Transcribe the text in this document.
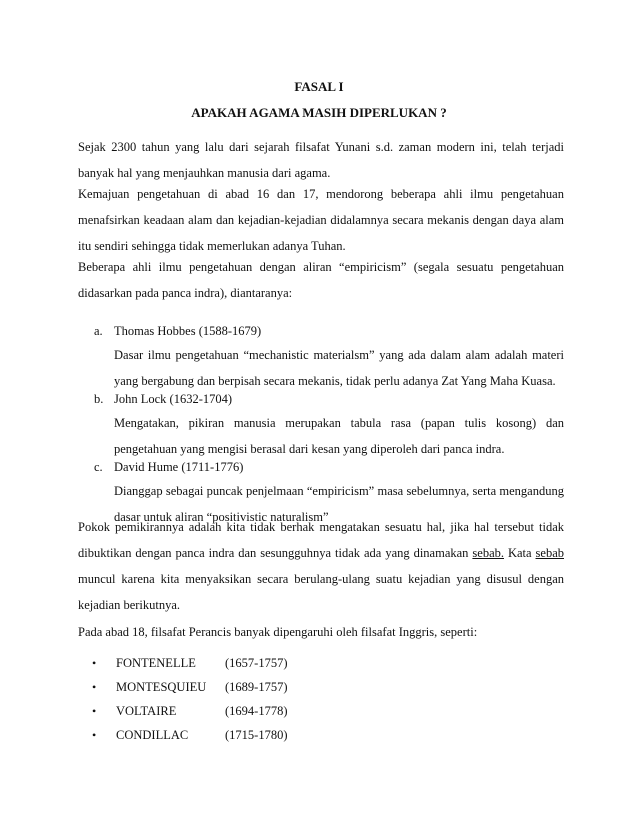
FASAL I
APAKAH AGAMA MASIH DIPERLUKAN ?
Sejak 2300 tahun yang lalu dari sejarah filsafat Yunani s.d. zaman modern ini, telah terjadi banyak hal yang menjauhkan manusia dari agama.
Kemajuan pengetahuan di abad 16 dan 17, mendorong beberapa ahli ilmu pengetahuan menafsirkan keadaan alam dan kejadian-kejadian didalamnya secara mekanis dengan daya alam itu sendiri sehingga tidak memerlukan adanya Tuhan.
Beberapa ahli ilmu pengetahuan dengan aliran “empiricism” (segala sesuatu pengetahuan didasarkan pada panca indra), diantaranya:
a. Thomas Hobbes (1588-1679)
Dasar ilmu pengetahuan “mechanistic materialsm” yang ada dalam alam adalah materi yang bergabung dan berpisah secara mekanis, tidak perlu adanya Zat Yang Maha Kuasa.
b. John Lock (1632-1704)
Mengatakan, pikiran manusia merupakan tabula rasa (papan tulis kosong) dan pengetahuan yang mengisi berasal dari kesan yang diperoleh dari panca indra.
c. David Hume (1711-1776)
Dianggap sebagai puncak penjelmaan “empiricism” masa sebelumnya, serta mengandung dasar untuk aliran “positivistic naturalism”
Pokok pemikirannya adalah kita tidak berhak mengatakan sesuatu hal, jika hal tersebut tidak dibuktikan dengan panca indra dan sesungguhnya tidak ada yang dinamakan sebab. Kata sebab muncul karena kita menyaksikan secara berulang-ulang suatu kejadian yang disusul dengan kejadian berikutnya.
Pada abad 18, filsafat Perancis banyak dipengaruhi oleh filsafat Inggris, seperti:
• FONTENELLE (1657-1757)
• MONTESQUIEU (1689-1757)
• VOLTAIRE	(1694-1778)
• CONDILLAC	(1715-1780)
